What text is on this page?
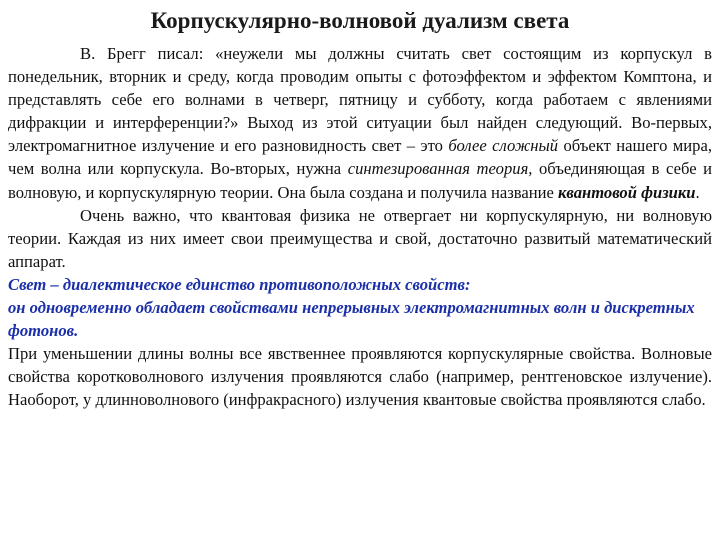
Корпускулярно-волновой дуализм света

В. Брегг писал: «неужели мы должны считать свет состоящим из корпускул в понедельник, вторник и среду, когда проводим опыты с фотоэффектом и эффектом Комптона, и представлять себе его волнами в четверг, пятницу и субботу, когда работаем с явлениями дифракции и интерференции?» Выход из этой ситуации был найден следующий. Во-первых, электромагнитное излучение и его разновидность свет – это более сложный объект нашего мира, чем волна или корпускула. Во-вторых, нужна синтезированная теория, объединяющая в себе и волновую, и корпускулярную теории. Она была создана и получила название квантовой физики.

Очень важно, что квантовая физика не отвергает ни корпускулярную, ни волновую теории. Каждая из них имеет свои преимущества и свой, достаточно развитый математический аппарат.

Свет – диалектическое единство противоположных свойств:
он одновременно обладает свойствами непрерывных электромагнитных волн и дискретных фотонов.

При уменьшении длины волны все явственнее проявляются корпускулярные свойства. Волновые свойства коротковолнового излучения проявляются слабо (например, рентгеновское излучение). Наоборот, у длинноволнового (инфракрасного) излучения квантовые свойства проявляются слабо.
